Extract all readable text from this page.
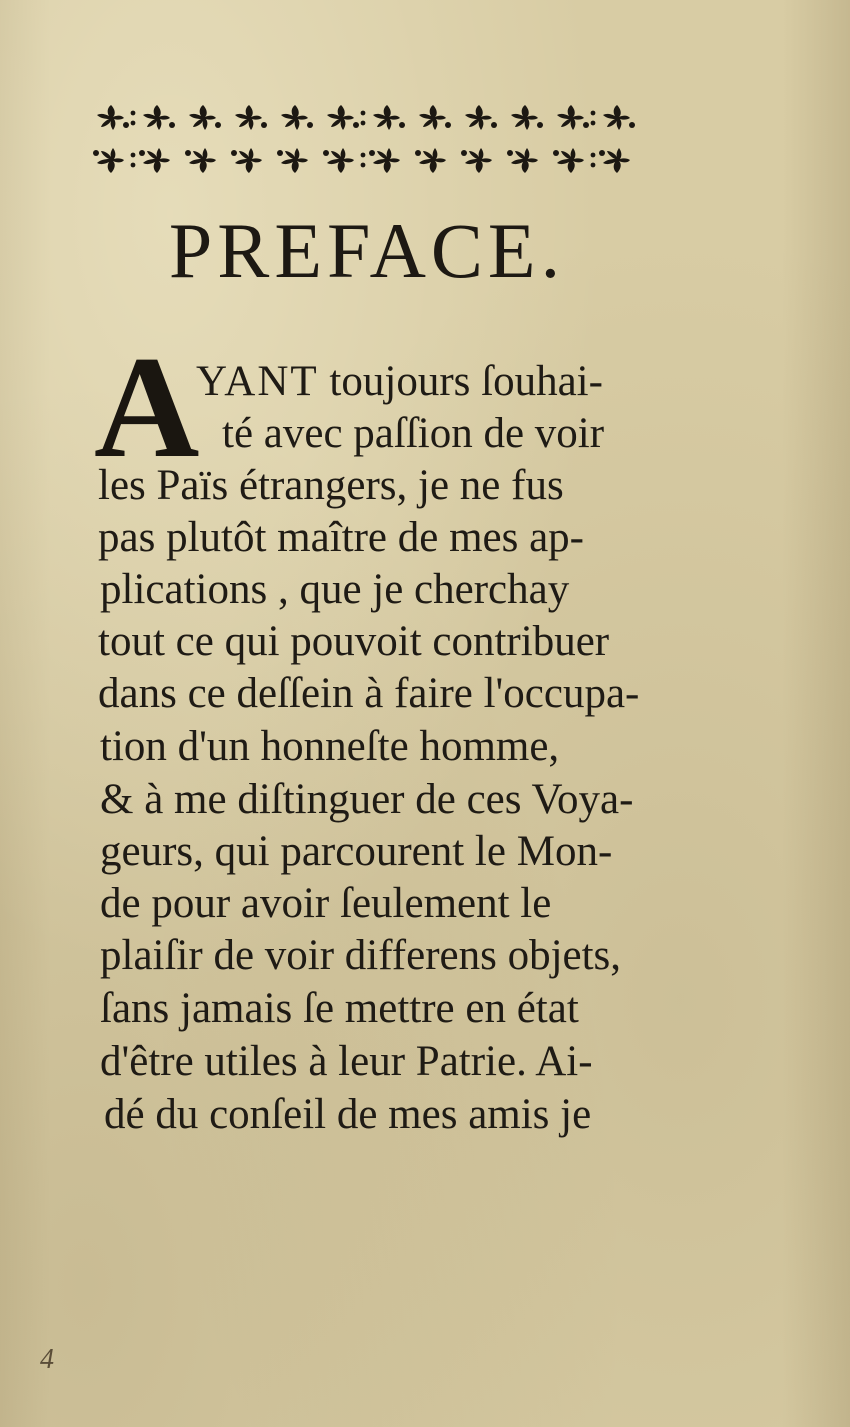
PREFACE.
A
YANT toujours ſouhai-
té avec paſſion de voir
les Païs étrangers, je ne fus
pas plutôt maître de mes ap-
plications , que je cherchay
tout ce qui pouvoit contribuer
dans ce deſſein à faire l'occupa-
tion d'un honneſte homme,
& à me diſtinguer de ces Voya-
geurs, qui parcourent le Mon-
de pour avoir ſeulement le
plaiſir de voir differens objets,
ſans jamais ſe mettre en état
d'être utiles à leur Patrie. Ai-
dé du conſeil de mes amis je
4
